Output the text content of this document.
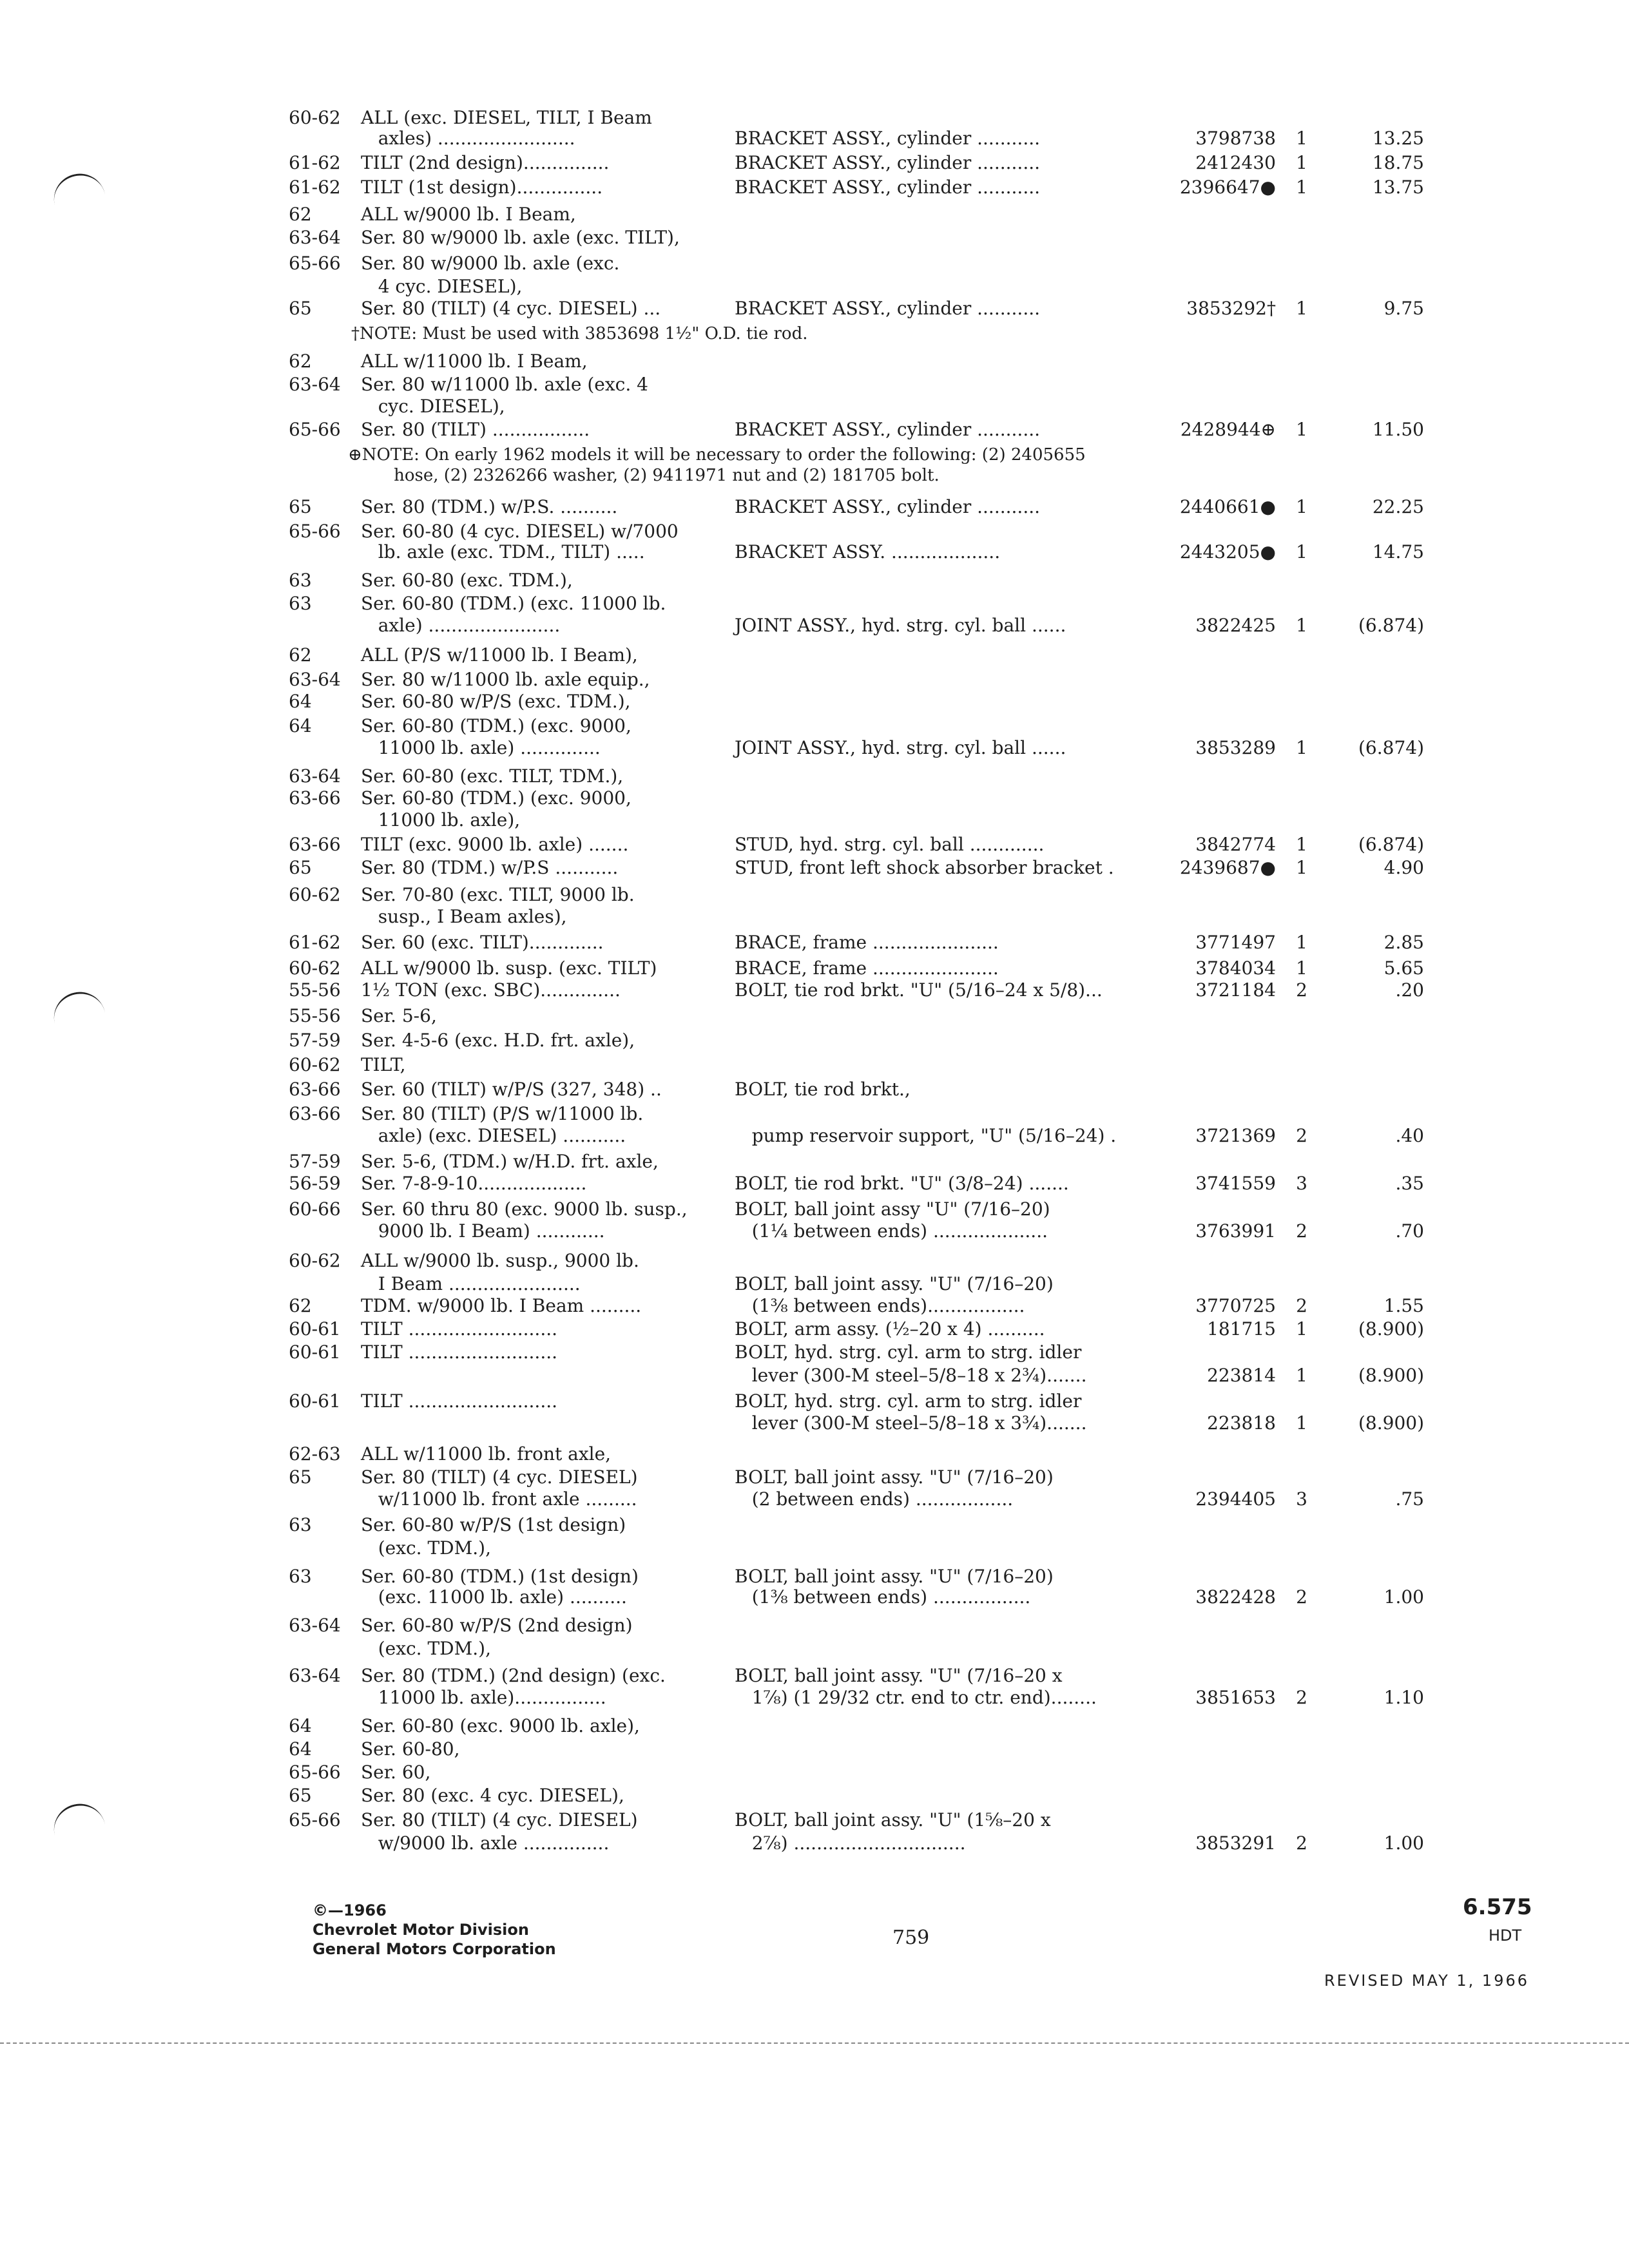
60-62 ALL (exc. DIESEL, TILT, I Beam
axles) ........................	BRACKET ASSY., cylinder ...........	3798738	1	13.25
61-62 TILT (2nd design)...............	BRACKET ASSY., cylinder ...........	2412430	1	18.75
61-62 TILT (1st design)...............	BRACKET ASSY., cylinder ...........	2396647●	1	13.75
62	ALL w/9000 lb. I Beam,
63-64 Ser. 80 w/9000 lb. axle (exc. TILT),
65-66 Ser. 80 w/9000 lb. axle (exc.
4 cyc. DIESEL),
65	Ser. 80 (TILT) (4 cyc. DIESEL) ...	BRACKET ASSY., cylinder ...........	3853292†	1	9.75
†NOTE: Must be used with 3853698 1½" O.D. tie rod.
62	ALL w/11000 lb. I Beam,
63-64 Ser. 80 w/11000 lb. axle (exc. 4
cyc. DIESEL),
65-66 Ser. 80 (TILT) .................	BRACKET ASSY., cylinder ...........	2428944⊕	1	11.50
⊕NOTE: On early 1962 models it will be necessary to order the following: (2) 2405655
hose, (2) 2326266 washer, (2) 9411971 nut and (2) 181705 bolt.
65	Ser. 80 (TDM.) w/P.S. ..........	BRACKET ASSY., cylinder ...........	2440661●	1	22.25
65-66 Ser. 60-80 (4 cyc. DIESEL) w/7000
lb. axle (exc. TDM., TILT) .....	BRACKET ASSY. ...................	2443205●	1	14.75
63	Ser. 60-80 (exc. TDM.),
63	Ser. 60-80 (TDM.) (exc. 11000 lb.
axle) .......................	JOINT ASSY., hyd. strg. cyl. ball ......	3822425	1	(6.874)
62	ALL (P/S w/11000 lb. I Beam),
63-64 Ser. 80 w/11000 lb. axle equip.,
64	Ser. 60-80 w/P/S (exc. TDM.),
64	Ser. 60-80 (TDM.) (exc. 9000,
11000 lb. axle) ..............	JOINT ASSY., hyd. strg. cyl. ball ......	3853289	1	(6.874)
63-64 Ser. 60-80 (exc. TILT, TDM.),
63-66 Ser. 60-80 (TDM.) (exc. 9000,
11000 lb. axle),
63-66 TILT (exc. 9000 lb. axle) .......	STUD, hyd. strg. cyl. ball .............	3842774	1	(6.874)
65	Ser. 80 (TDM.) w/P.S ...........	STUD, front left shock absorber bracket .	2439687●	1	4.90
60-62 Ser. 70-80 (exc. TILT, 9000 lb.
susp., I Beam axles),
61-62 Ser. 60 (exc. TILT).............	BRACE, frame ......................	3771497	1	2.85
60-62 ALL w/9000 lb. susp. (exc. TILT)	BRACE, frame ......................	3784034	1	5.65
55-56 1½ TON (exc. SBC)..............	BOLT, tie rod brkt. "U" (5/16–24 x 5/8)...	3721184	2	.20
55-56 Ser. 5-6,
57-59 Ser. 4-5-6 (exc. H.D. frt. axle),
60-62 TILT,
63-66 Ser. 60 (TILT) w/P/S (327, 348) ..	BOLT, tie rod brkt.,
63-66 Ser. 80 (TILT) (P/S w/11000 lb.
axle) (exc. DIESEL) ...........	pump reservoir support, "U" (5/16–24) .	3721369	2	.40
57-59 Ser. 5-6, (TDM.) w/H.D. frt. axle,
56-59 Ser. 7-8-9-10...................	BOLT, tie rod brkt. "U" (3/8–24) .......	3741559	3	.35
60-66 Ser. 60 thru 80 (exc. 9000 lb. susp.,	BOLT, ball joint assy "U" (7/16–20)
9000 lb. I Beam) ............	(1¼ between ends) ....................	3763991	2	.70
60-62 ALL w/9000 lb. susp., 9000 lb.
I Beam .......................	BOLT, ball joint assy. "U" (7/16–20)
62	TDM. w/9000 lb. I Beam .........	(1⅜ between ends).................	3770725	2	1.55
60-61 TILT ..........................	BOLT, arm assy. (½–20 x 4) ..........	181715	1	(8.900)
60-61 TILT ..........................	BOLT, hyd. strg. cyl. arm to strg. idler
lever (300-M steel–5/8–18 x 2¾).......	223814	1	(8.900)
60-61 TILT ..........................	BOLT, hyd. strg. cyl. arm to strg. idler
lever (300-M steel–5/8–18 x 3¾).......	223818	1	(8.900)
62-63 ALL w/11000 lb. front axle,
65	Ser. 80 (TILT) (4 cyc. DIESEL)	BOLT, ball joint assy. "U" (7/16–20)
w/11000 lb. front axle .........	(2 between ends) .................	2394405	3	.75
63	Ser. 60-80 w/P/S (1st design)
(exc. TDM.),
63	Ser. 60-80 (TDM.) (1st design)	BOLT, ball joint assy. "U" (7/16–20)
(exc. 11000 lb. axle) ..........	(1⅜ between ends) .................	3822428	2	1.00
63-64 Ser. 60-80 w/P/S (2nd design)
(exc. TDM.),
63-64 Ser. 80 (TDM.) (2nd design) (exc.	BOLT, ball joint assy. "U" (7/16–20 x
11000 lb. axle)................	1⅞) (1 29/32 ctr. end to ctr. end)........	3851653	2	1.10
64	Ser. 60-80 (exc. 9000 lb. axle),
64	Ser. 60-80,
65-66 Ser. 60,
65	Ser. 80 (exc. 4 cyc. DIESEL),
65-66 Ser. 80 (TILT) (4 cyc. DIESEL)	BOLT, ball joint assy. "U" (1⅝–20 x
w/9000 lb. axle ...............	2⅞) ..............................	3853291	2	1.00
©—1966
Chevrolet Motor Division
General Motors Corporation	759
6.575
HDT
REVISED MAY 1, 1966
